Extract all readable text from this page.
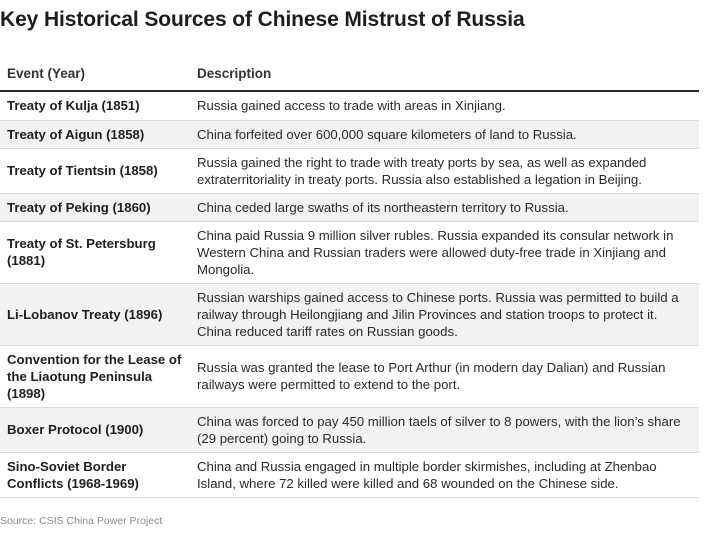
Key Historical Sources of Chinese Mistrust of Russia
Event (Year)	Description
Treaty of Kulja (1851)	Russia gained access to trade with areas in Xinjiang.
Treaty of Aigun (1858)	China forfeited over 600,000 square kilometers of land to Russia.
Treaty of Tientsin (1858)	Russia gained the right to trade with treaty ports by sea, as well as expanded extraterritoriality in treaty ports. Russia also established a legation in Beijing.
Treaty of Peking (1860)	China ceded large swaths of its northeastern territory to Russia.
Treaty of St. Petersburg (1881)	China paid Russia 9 million silver rubles. Russia expanded its consular network in Western China and Russian traders were allowed duty-free trade in Xinjiang and Mongolia.
Li-Lobanov Treaty (1896)	Russian warships gained access to Chinese ports. Russia was permitted to build a railway through Heilongjiang and Jilin Provinces and station troops to protect it. China reduced tariff rates on Russian goods.
Convention for the Lease of the Liaotung Peninsula (1898)	Russia was granted the lease to Port Arthur (in modern day Dalian) and Russian railways were permitted to extend to the port.
Boxer Protocol (1900)	China was forced to pay 450 million taels of silver to 8 powers, with the lion’s share (29 percent) going to Russia.
Sino-Soviet Border Conflicts (1968-1969)	China and Russia engaged in multiple border skirmishes, including at Zhenbao Island, where 72 killed were killed and 68 wounded on the Chinese side.
Source: CSIS China Power Project
